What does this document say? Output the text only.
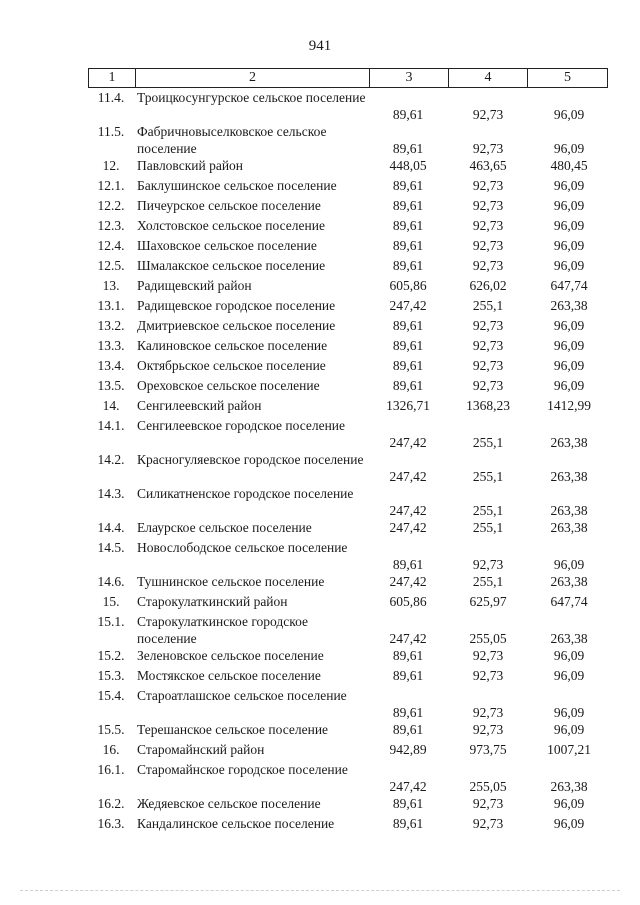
941
1	2	3	4	5
11.4. Троицкосунгурское сельское поселение
89,61	92,73	96,09
11.5. Фабричновыселковское сельское поселение	89,61	92,73	96,09
12.	Павловский район	448,05	463,65	480,45
12.1. Баклушинское сельское поселение	89,61	92,73	96,09
12.2. Пичеурское сельское поселение	89,61	92,73	96,09
12.3. Холстовское сельское поселение	89,61	92,73	96,09
12.4. Шаховское сельское поселение	89,61	92,73	96,09
12.5. Шмалакское сельское поселение	89,61	92,73	96,09
13.	Радищевский район	605,86	626,02	647,74
13.1. Радищевское городское поселение	247,42	255,1	263,38
13.2. Дмитриевское сельское поселение	89,61	92,73	96,09
13.3. Калиновское сельское поселение	89,61	92,73	96,09
13.4. Октябрьское сельское поселение	89,61	92,73	96,09
13.5. Ореховское сельское поселение	89,61	92,73	96,09
14.	Сенгилеевский район	1326,71	1368,23	1412,99
14.1. Сенгилеевское городское поселение
247,42	255,1	263,38
14.2. Красногуляевское городское поселение
247,42	255,1	263,38
14.3. Силикатненское городское поселение
247,42	255,1	263,38
14.4. Елаурское сельское поселение	247,42	255,1	263,38
14.5. Новослободское сельское поселение
89,61	92,73	96,09
14.6. Тушнинское сельское поселение	247,42	255,1	263,38
15.	Старокулаткинский район	605,86	625,97	647,74
15.1. Старокулаткинское городское поселение	247,42	255,05	263,38
15.2. Зеленовское сельское поселение	89,61	92,73	96,09
15.3. Мостякское сельское поселение	89,61	92,73	96,09
15.4. Староатлашское сельское поселение
89,61	92,73	96,09
15.5. Терешанское сельское поселение	89,61	92,73	96,09
16.	Старомайнский район	942,89	973,75	1007,21
16.1. Старомайнское городское поселение
247,42	255,05	263,38
16.2. Жедяевское сельское поселение	89,61	92,73	96,09
16.3. Кандалинское сельское поселение	89,61	92,73	96,09
